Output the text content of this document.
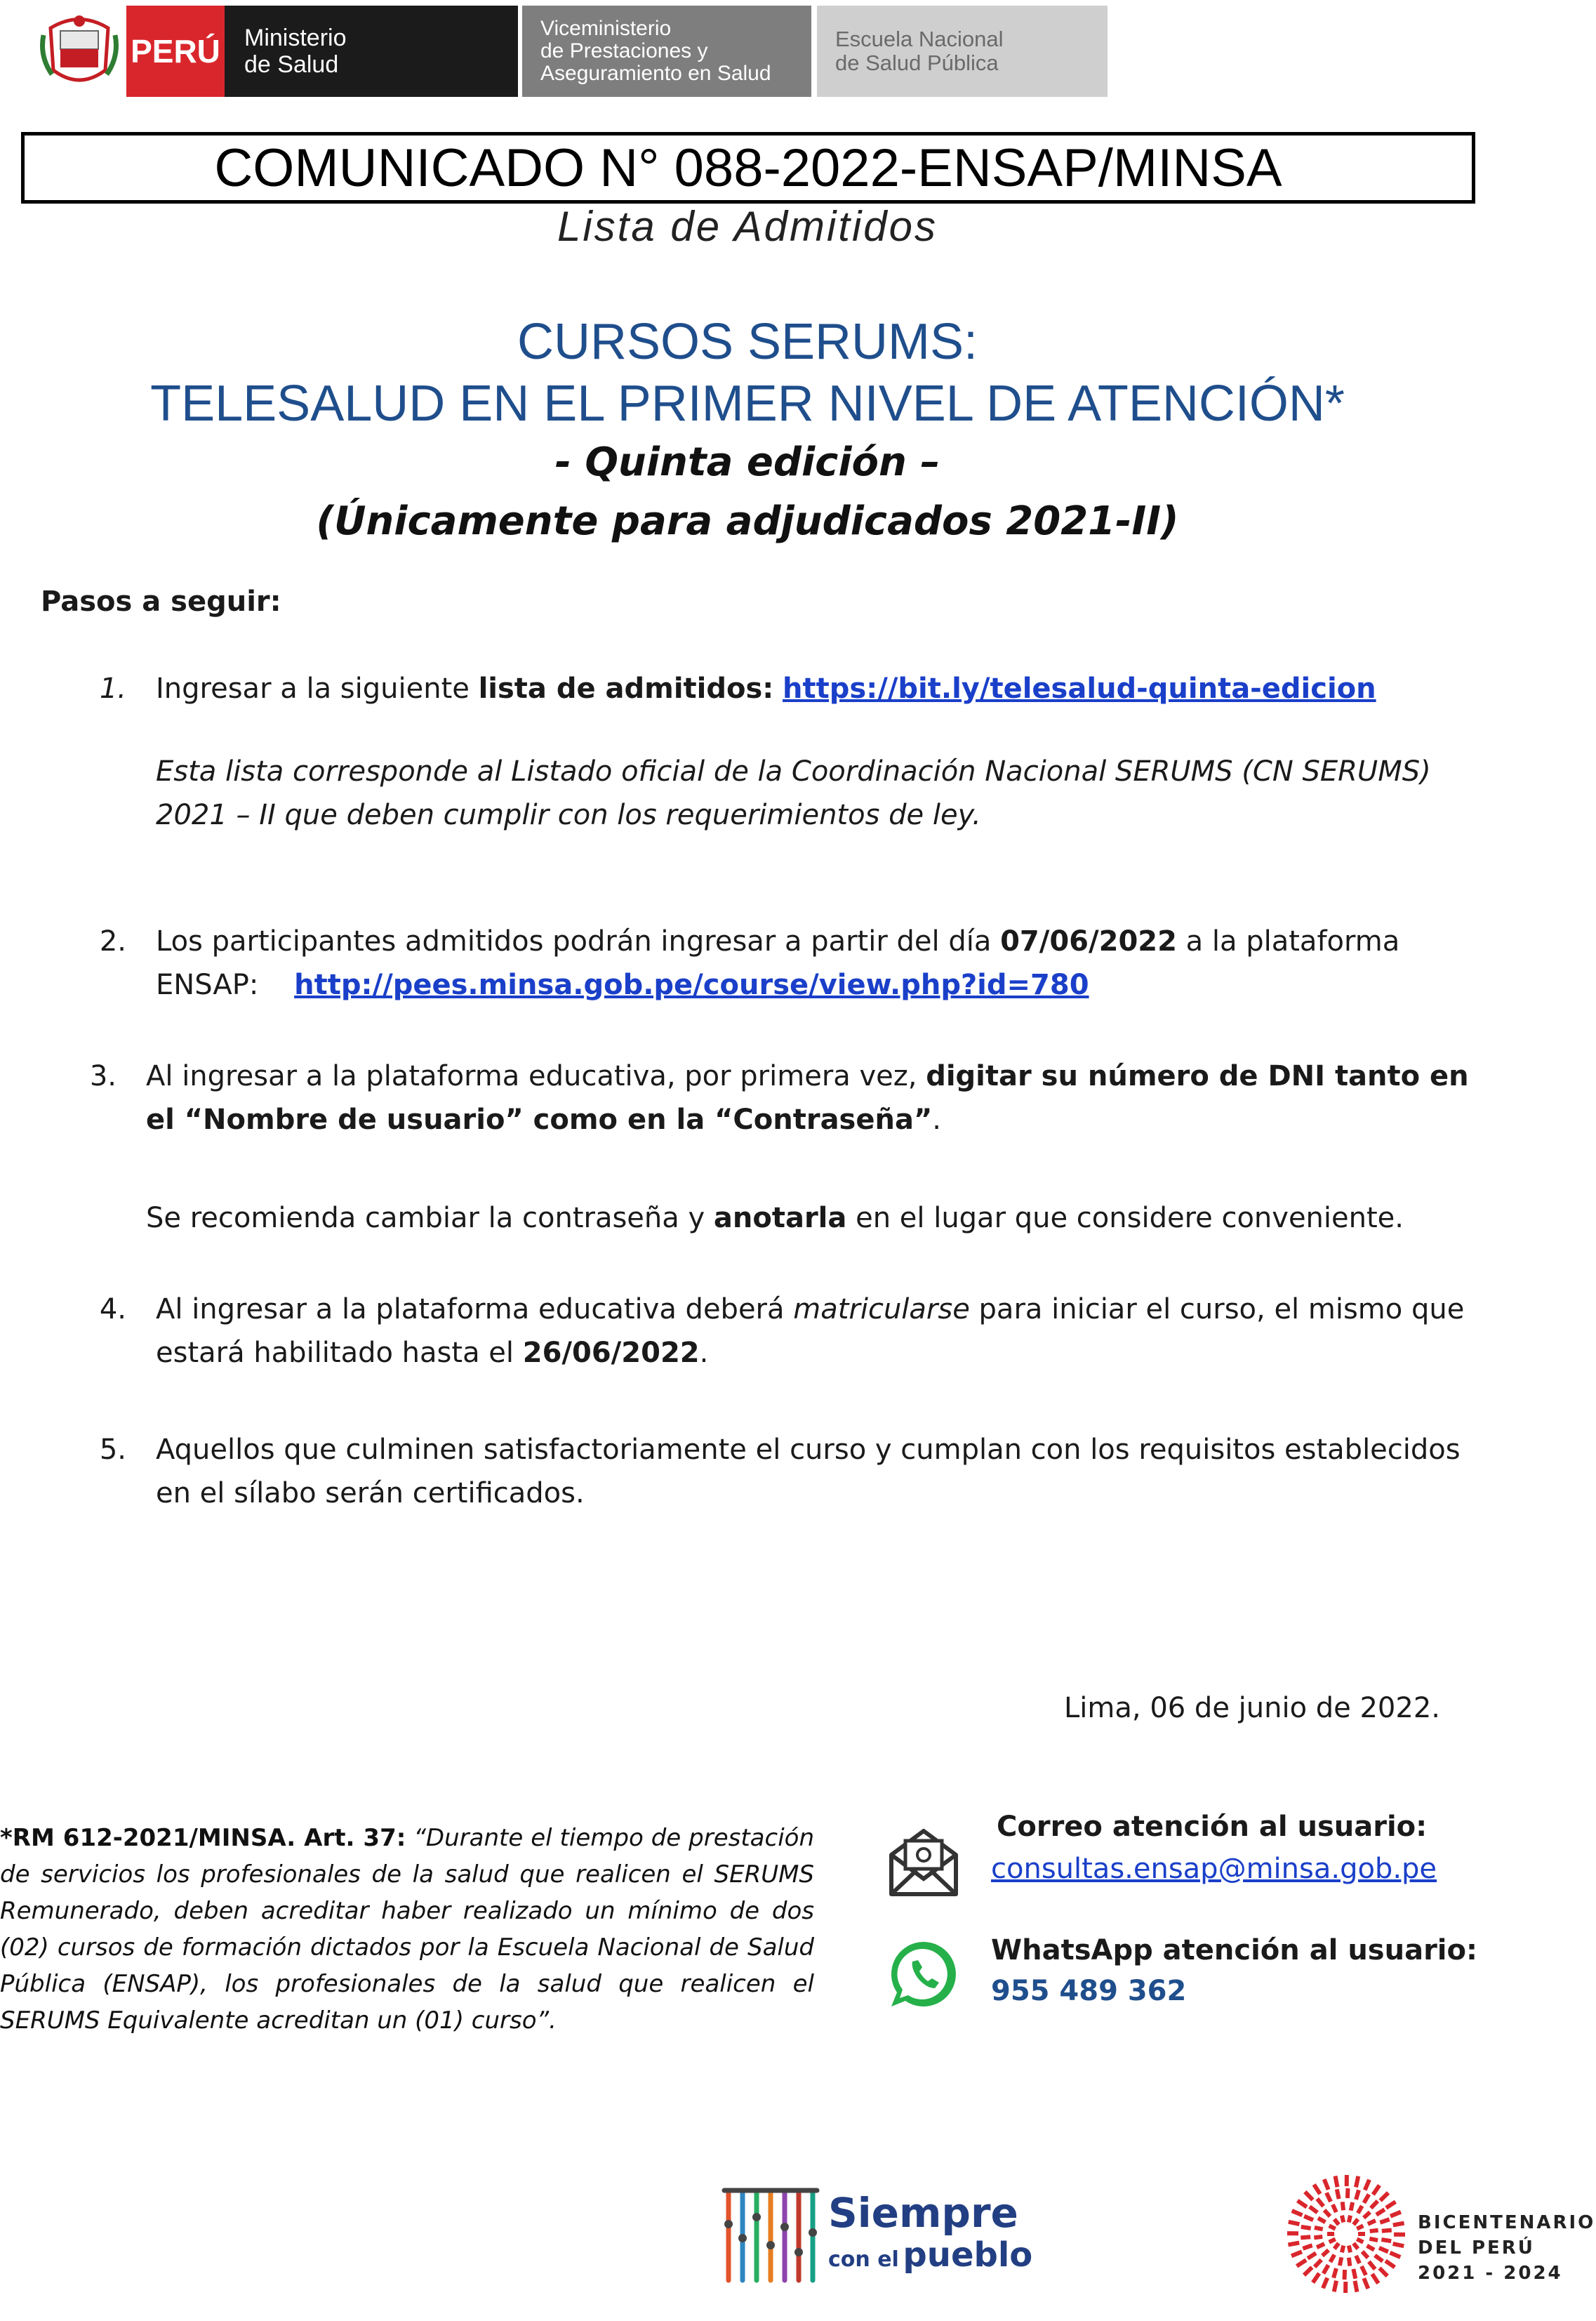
PERÚ Ministerio
de Salud
Viceministerio
de Prestaciones y
Aseguramiento en Salud
Escuela Nacional
de Salud Pública
COMUNICADO N° 088-2022-ENSAP/MINSA
Lista de Admitidos
CURSOS SERUMS:
TELESALUD EN EL PRIMER NIVEL DE ATENCIÓN*
- Quinta edición –
(Únicamente para adjudicados 2021-II)
Pasos a seguir:
1. Ingresar a la siguiente lista de admitidos: https://bit.ly/telesalud-quinta-edicion
Esta lista corresponde al Listado oficial de la Coordinación Nacional SERUMS (CN SERUMS)
2021 – II que deben cumplir con los requerimientos de ley.
2. Los participantes admitidos podrán ingresar a partir del día 07/06/2022 a la plataforma
ENSAP: http://pees.minsa.gob.pe/course/view.php?id=780
3. Al ingresar a la plataforma educativa, por primera vez, digitar su número de DNI tanto en
el “Nombre de usuario” como en la “Contraseña”.
Se recomienda cambiar la contraseña y anotarla en el lugar que considere conveniente.
4. Al ingresar a la plataforma educativa deberá matricularse para iniciar el curso, el mismo que
estará habilitado hasta el 26/06/2022.
5. Aquellos que culminen satisfactoriamente el curso y cumplan con los requisitos establecidos
en el sílabo serán certificados.
Lima, 06 de junio de 2022.
*RM 612-2021/MINSA. Art. 37: “Durante el tiempo de prestación de servicios los profesionales de la salud que realicen el SERUMS Remunerado, deben acreditar haber realizado un mínimo de dos (02) cursos de formación dictados por la Escuela Nacional de Salud Pública (ENSAP), los profesionales de la salud que realicen el SERUMS Equivalente acreditan un (01) curso”.
Correo atención al usuario:
consultas.ensap@minsa.gob.pe
WhatsApp atención al usuario:
955 489 362
Siempre
con el pueblo
BICENTENARIO
DEL PERÚ
2021 - 2024
